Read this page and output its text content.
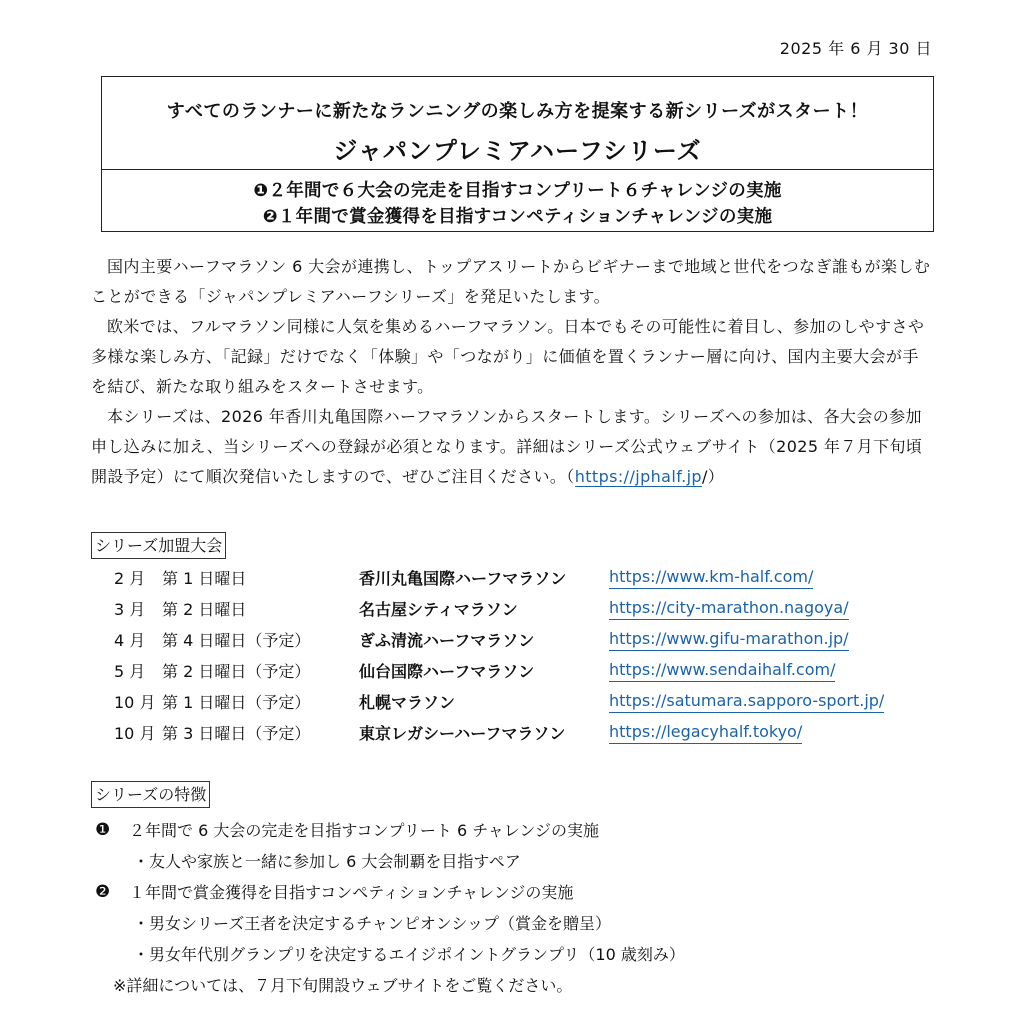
2025 年 6 月 30 日
すべてのランナーに新たなランニングの楽しみ方を提案する新シリーズがスタート！
ジャパンプレミアハーフシリーズ
❶２年間で６大会の完走を目指すコンプリート６チャレンジの実施
❷１年間で賞金獲得を目指すコンペティションチャレンジの実施

国内主要ハーフマラソン 6 大会が連携し、トップアスリートからビギナーまで地域と世代をつなぎ誰もが楽しむことができる「ジャパンプレミアハーフシリーズ」を発足いたします。

欧米では、フルマラソン同様に人気を集めるハーフマラソン。日本でもその可能性に着目し、参加のしやすさや多様な楽しみ方、「記録」だけでなく「体験」や「つながり」に価値を置くランナー層に向け、国内主要大会が手を結び、新たな取り組みをスタートさせます。

本シリーズは、2026 年香川丸亀国際ハーフマラソンからスタートします。シリーズへの参加は、各大会の参加申し込みに加え、当シリーズへの登録が必須となります。詳細はシリーズ公式ウェブサイト（2025 年７月下旬頃開設予定）にて順次発信いたしますので、ぜひご注目ください。（https://jphalf.jp/）

シリーズ加盟大会
2 月	第 1 日曜日	香川丸亀国際ハーフマラソン	https://www.km-half.com/
3 月	第 2 日曜日	名古屋シティマラソン	https://city-marathon.nagoya/
4 月	第 4 日曜日（予定）	ぎふ清流ハーフマラソン	https://www.gifu-marathon.jp/
5 月	第 2 日曜日（予定）	仙台国際ハーフマラソン	https://www.sendaihalf.com/
10 月 第 1 日曜日（予定）	札幌マラソン	https://satumara.sapporo-sport.jp/
10 月 第 3 日曜日（予定）	東京レガシーハーフマラソン	https://legacyhalf.tokyo/
シリーズの特徴
❶ ２年間で 6 大会の完走を目指すコンプリート 6 チャレンジの実施
・友人や家族と一緒に参加し 6 大会制覇を目指すペア
❷ １年間で賞金獲得を目指すコンペティションチャレンジの実施
・男女シリーズ王者を決定するチャンピオンシップ（賞金を贈呈）
・男女年代別グランプリを決定するエイジポイントグランプリ（10 歳刻み）
※詳細については、７月下旬開設ウェブサイトをご覧ください。
